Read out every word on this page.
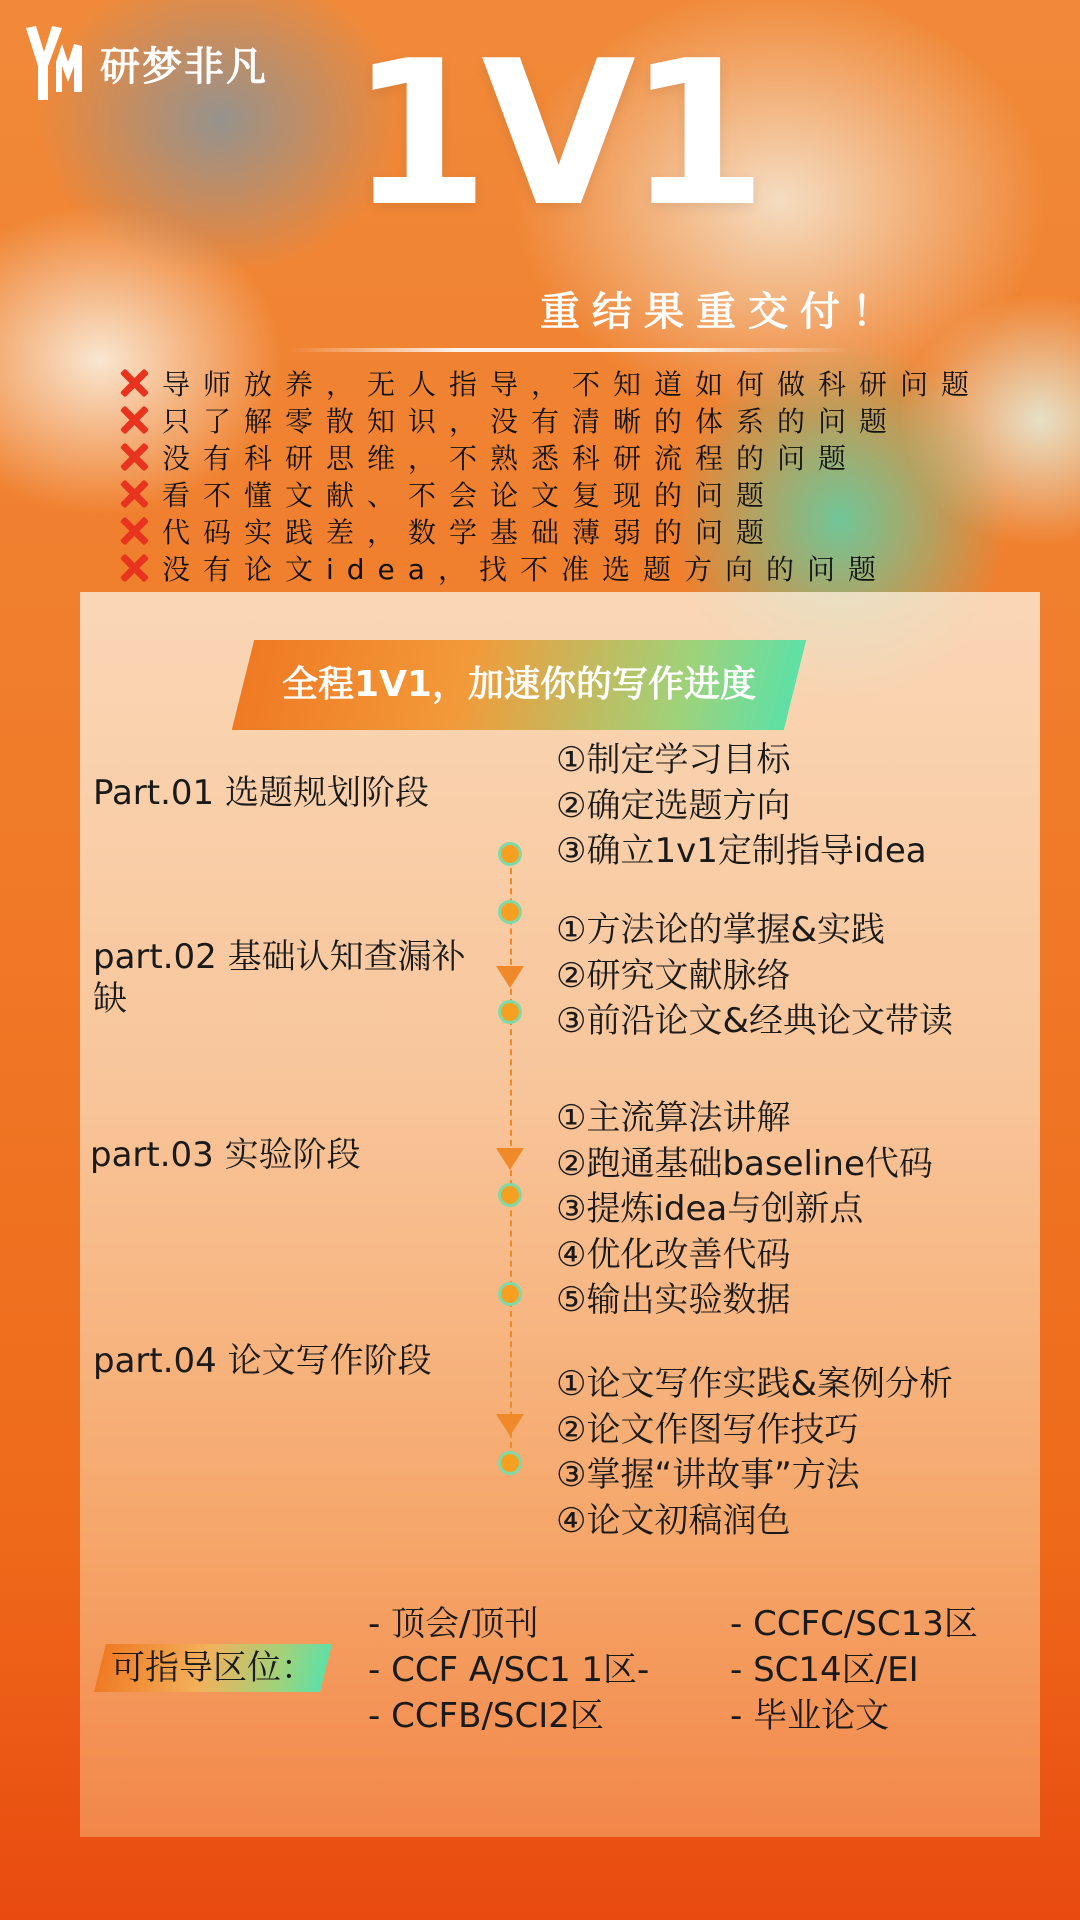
研梦非凡 1V1
重结果重交付！
导师放养，无人指导，不知道如何做科研问题
只了解零散知识，没有清晰的体系的问题
没有科研思维，不熟悉科研流程的问题
看不懂文献、不会论文复现的问题
代码实践差，数学基础薄弱的问题
没有论文idea，找不准选题方向的问题
全程1V1，加速你的写作进度
Part.01 选题规划阶段
①制定学习目标
②确定选题方向
③确立1v1定制指导idea
part.02 基础认知查漏补缺
①方法论的掌握&实践
②研究文献脉络
③前沿论文&经典论文带读
part.03 实验阶段
①主流算法讲解
②跑通基础baseline代码
③提炼idea与创新点
④优化改善代码
⑤输出实验数据
part.04 论文写作阶段
①论文写作实践&案例分析
②论文作图写作技巧
③掌握“讲故事”方法
④论文初稿润色
可指导区位：
- 顶会/顶刊
- CCF A/SC1 1区-
- CCFB/SCI2区
- CCFC/SC13区
- SC14区/EI
- 毕业论文
